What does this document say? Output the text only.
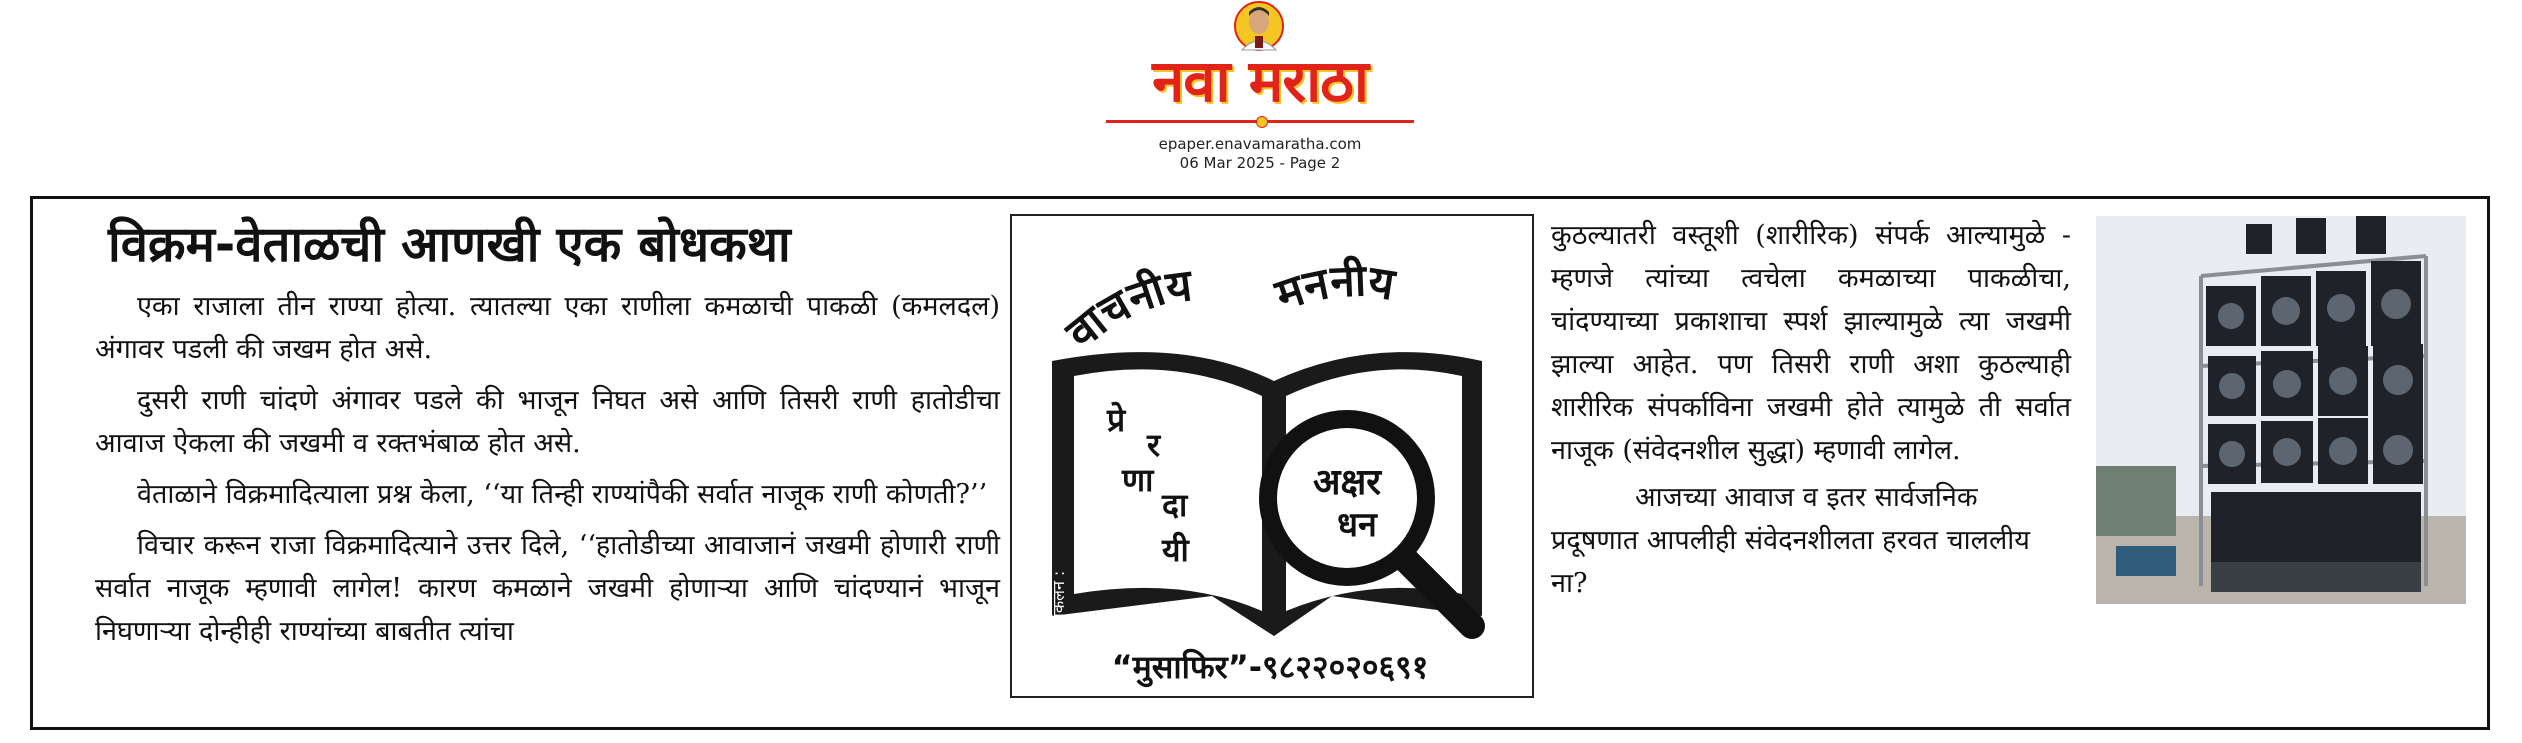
नवा मराठा
epaper.enavamaratha.com
06 Mar 2025 - Page 2
विक्रम-वेताळची आणखी एक बोधकथा

एका राजाला तीन राण्या होत्या. त्यातल्या एका राणीला कमळाची पाकळी (कमलदल) अंगावर पडली की जखम होत असे.

दुसरी राणी चांदणे अंगावर पडले की भाजून निघत असे आणि तिसरी राणी हातोडीचा आवाज ऐकला की जखमी व रक्तभंबाळ होत असे.

वेताळाने विक्रमादित्याला प्रश्न केला, ‘‘या तिन्ही राण्यांपैकी सर्वात नाजूक राणी कोणती?’’

विचार करून राजा विक्रमादित्याने उत्तर दिले, ‘‘हातोडीच्या आवाजानं जखमी होणारी राणी सर्वात नाजूक म्हणावी लागेल! कारण कमळाने जखमी होणाऱ्या आणि चांदण्यानं भाजून निघणाऱ्या दोन्हीही राण्यांच्या बाबतीत त्यांचा

वाचनीय मननीय
प्रे
र
णा
दा
यी
अक्षर
धन
संकलन :
“मुसाफिर”-९८२२०२०६९१

कुठल्यातरी वस्तूशी (शारीरिक) संपर्क आल्यामुळे - म्हणजे त्यांच्या त्वचेला कमळाच्या पाकळीचा, चांदण्याच्या प्रकाशाचा स्पर्श झाल्यामुळे त्या जखमी झाल्या आहेत. पण तिसरी राणी अशा कुठल्याही शारीरिक संपर्काविना जखमी होते त्यामुळे ती सर्वात नाजूक (संवेदनशील सुद्धा) म्हणावी लागेल.

आजच्या आवाज व इतर सार्वजनिक प्रदूषणात आपलीही संवेदनशीलता हरवत चाललीय ना?
